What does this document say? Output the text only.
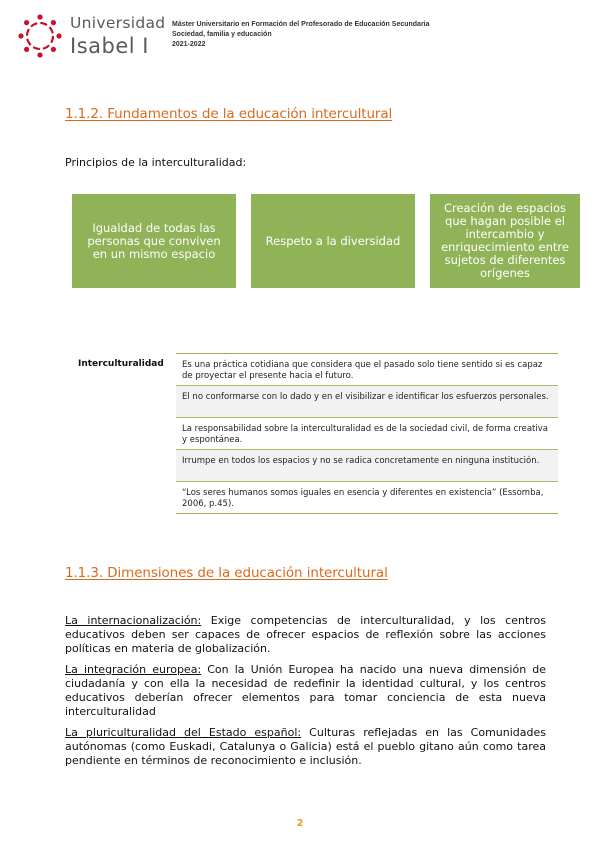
Universidad
Isabel I
Máster Universitario en Formación del Profesorado de Educación Secundaria
Sociedad, familia y educación
2021-2022
1.1.2. Fundamentos de la educación intercultural
Principios de la interculturalidad:
Igualdad de todas las personas que conviven en un mismo espacio
Respeto a la diversidad
Creación de espacios que hagan posible el intercambio y enriquecimiento entre sujetos de diferentes orígenes
Interculturalidad	Es una práctica cotidiana que considera que el pasado solo tiene sentido si es capaz de proyectar el presente hacia el futuro.
El no conformarse con lo dado y en el visibilizar e identificar los esfuerzos personales.
La responsabilidad sobre la interculturalidad es de la sociedad civil, de forma creativa y espontánea.
Irrumpe en todos los espacios y no se radica concretamente en ninguna institución.
“Los seres humanos somos iguales en esencia y diferentes en existencia” (Essomba, 2006, p.45).
1.1.3. Dimensiones de la educación intercultural

La internacionalización: Exige competencias de interculturalidad, y los centros educativos deben ser capaces de ofrecer espacios de reflexión sobre las acciones políticas en materia de globalización.

La integración europea: Con la Unión Europea ha nacido una nueva dimensión de ciudadanía y con ella la necesidad de redefinir la identidad cultural, y los centros educativos deberían ofrecer elementos para tomar conciencia de esta nueva interculturalidad

La pluriculturalidad del Estado español: Culturas reflejadas en las Comunidades autónomas (como Euskadi, Catalunya o Galicia) está el pueblo gitano aún como tarea pendiente en términos de reconocimiento e inclusión.

2
